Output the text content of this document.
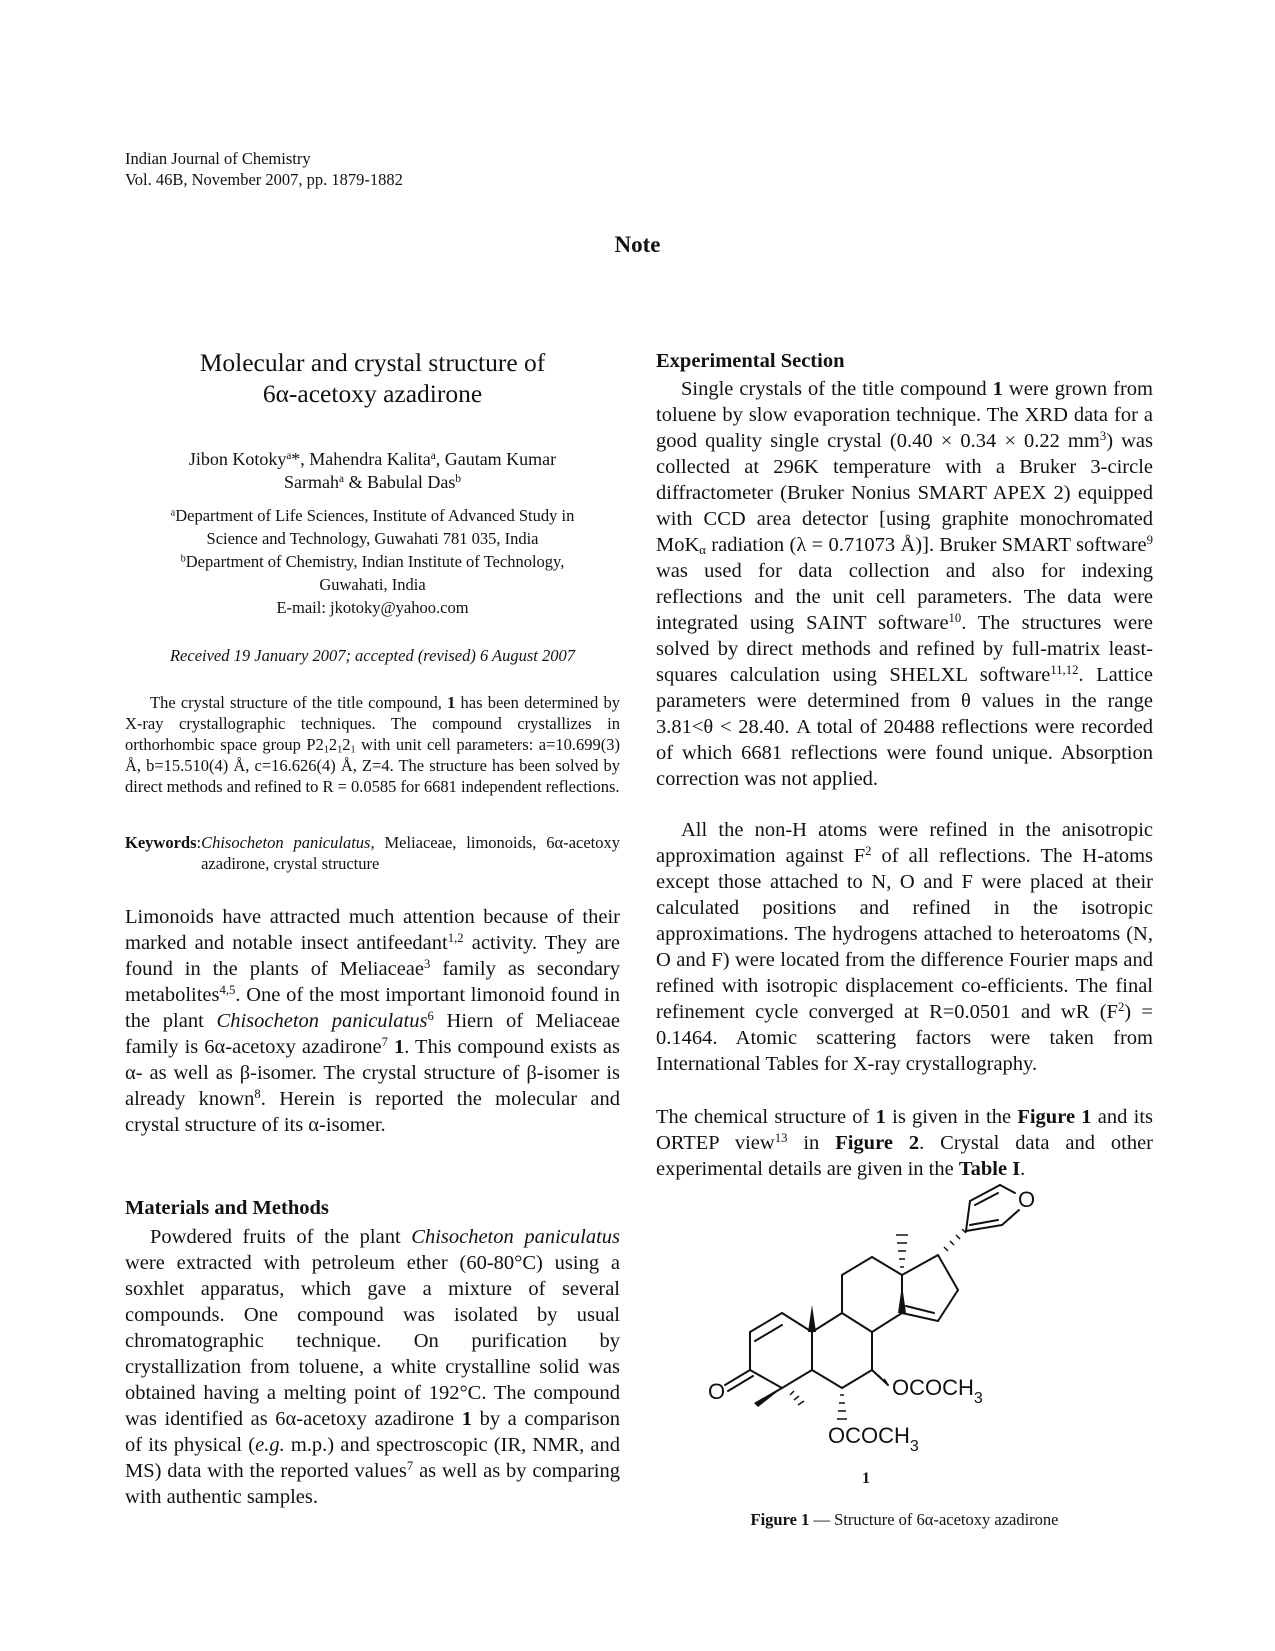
Indian Journal of Chemistry
Vol. 46B, November 2007, pp. 1879-1882
Note
Molecular and crystal structure of
6α-acetoxy azadirone
Jibon Kotoky$^a$*, Mahendra Kalita$^a$, Gautam Kumar
Sarmah$^a$ & Babulal Das$^b$
$^a$Department of Life Sciences, Institute of Advanced Study in
Science and Technology, Guwahati 781 035, India
$^b$Department of Chemistry, Indian Institute of Technology,
Guwahati, India
E-mail: jkotoky@yahoo.com
Received 19 January 2007; accepted (revised) 6 August 2007

The crystal structure of the title compound, 1 has been determined by X-ray crystallographic techniques. The compound crystallizes in orthorhombic space group $P2_12_12_1$ with unit cell parameters: a=10.699(3) Å, b=15.510(4) Å, c=16.626(4) Å, Z=4. The structure has been solved by direct methods and refined to R = 0.0585 for 6681 independent reflections.

Keywords: Chisocheton paniculatus, Meliaceae, limonoids, 6α-acetoxy azadirone, crystal structure

Limonoids have attracted much attention because of their marked and notable insect antifeedant$^{1,2}$ activity. They are found in the plants of Meliaceae$^3$ family as secondary metabolites$^{4,5}$. One of the most important limonoid found in the plant Chisocheton paniculatus$^6$ Hiern of Meliaceae family is 6α-acetoxy azadirone$^7$ 1. This compound exists as α- as well as β-isomer. The crystal structure of β-isomer is already known$^8$. Herein is reported the molecular and crystal structure of its α-isomer.

Materials and Methods

Powdered fruits of the plant Chisocheton paniculatus were extracted with petroleum ether (60-80°C) using a soxhlet apparatus, which gave a mixture of several compounds. One compound was isolated by usual chromatographic technique. On purification by crystallization from toluene, a white crystalline solid was obtained having a melting point of 192°C. The compound was identified as 6α-acetoxy azadirone 1 by a comparison of its physical (e.g. m.p.) and spectroscopic (IR, NMR, and MS) data with the reported values$^7$ as well as by comparing with authentic samples.

Experimental Section

Single crystals of the title compound 1 were grown from toluene by slow evaporation technique. The XRD data for a good quality single crystal (0.40 × 0.34 × 0.22 $mm^3$) was collected at 296K temperature with a Bruker 3-circle diffractometer (Bruker Nonius SMART APEX 2) equipped with CCD area detector [using graphite monochromated MoK$_\alpha$ radiation (λ = 0.71073 Å)]. Bruker SMART software$^9$ was used for data collection and also for indexing reflections and the unit cell parameters. The data were integrated using SAINT software$^{10}$. The structures were solved by direct methods and refined by full-matrix least-squares calculation using SHELXL software$^{11,12}$. Lattice parameters were determined from θ values in the range 3.81<θ < 28.40. A total of 20488 reflections were recorded of which 6681 reflections were found unique. Absorption correction was not applied.

All the non-H atoms were refined in the anisotropic approximation against $F^2$ of all reflections. The H-atoms except those attached to N, O and F were placed at their calculated positions and refined in the isotropic approximations. The hydrogens attached to heteroatoms (N, O and F) were located from the difference Fourier maps and refined with isotropic displacement co-efficients. The final refinement cycle converged at R=0.0501 and wR $(F^2) = 0.1464$. Atomic scattering factors were taken from International Tables for X-ray crystallography.

The chemical structure of 1 is given in the Figure 1 and its ORTEP view$^{13}$ in Figure 2. Crystal data and other experimental details are given in the Table I.

O
O
$OCOCH_3$
$OCOCH_3$
1
Figure 1 — Structure of 6α-acetoxy azadirone
